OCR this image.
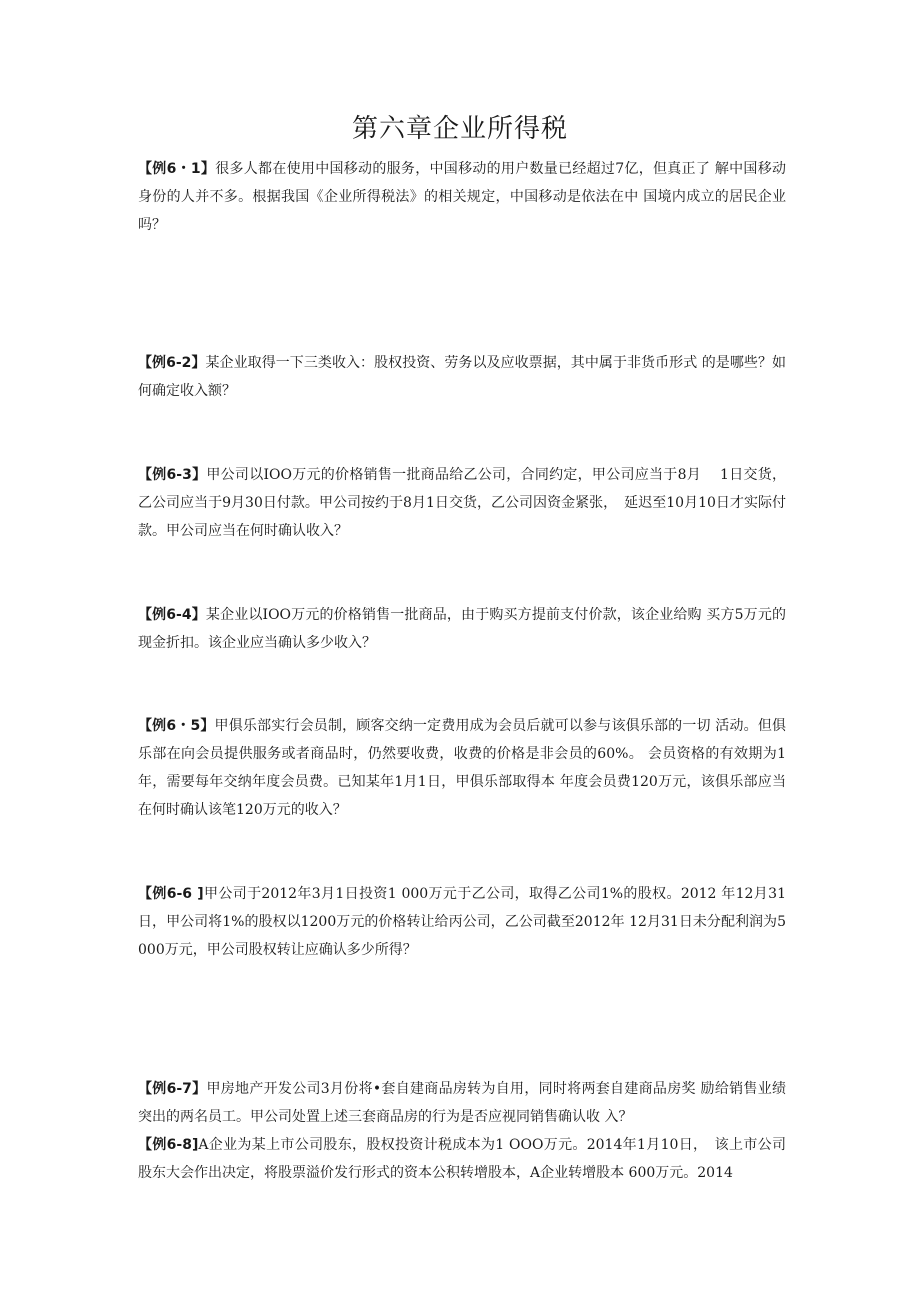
第六章企业所得税

【例6・1】很多人都在使用中国移动的服务，中国移动的用户数量已经超过7亿，但真正了 解中国移动身份的人并不多。根据我国《企业所得税法》的相关规定，中国移动是依法在中 国境内成立的居民企业吗？

【例6-2】某企业取得一下三类收入：股权投资、劳务以及应收票据，其中属于非货币形式 的是哪些？如何确定收入额？

【例6-3】甲公司以IOO万元的价格销售一批商品给乙公司，合同约定，甲公司应当于8月　 1日交货，乙公司应当于9月30日付款。甲公司按约于8月1日交货，乙公司因资金紧张，　延迟至10月10日才实际付款。甲公司应当在何时确认收入？

【例6-4】某企业以IOO万元的价格销售一批商品，由于购买方提前支付价款，该企业给购 买方5万元的现金折扣。该企业应当确认多少收入？

【例6・5】甲俱乐部实行会员制，顾客交纳一定费用成为会员后就可以参与该俱乐部的一切 活动。但俱乐部在向会员提供服务或者商品时，仍然要收费，收费的价格是非会员的60%。 会员资格的有效期为1年，需要每年交纳年度会员费。已知某年1月1日，甲俱乐部取得本 年度会员费120万元，该俱乐部应当在何时确认该笔120万元的收入？

【例6-6 ]甲公司于2012年3月1日投资1 000万元于乙公司，取得乙公司1%的股权。2012 年12月31日，甲公司将1%的股权以1200万元的价格转让给丙公司，乙公司截至2012年 12月31日未分配利润为5 000万元，甲公司股权转让应确认多少所得？

【例6-7】甲房地产开发公司3月份将•套自建商品房转为自用，同时将两套自建商品房奖 励给销售业绩突出的两名员工。甲公司处置上述三套商品房的行为是否应视同销售确认收 入？

【例6-8]A企业为某上市公司股东，股权投资计税成本为1 OOO万元。2014年1月10日，　该上市公司股东大会作出决定，将股票溢价发行形式的资本公积转增股本，A企业转增股本 600万元。2014
